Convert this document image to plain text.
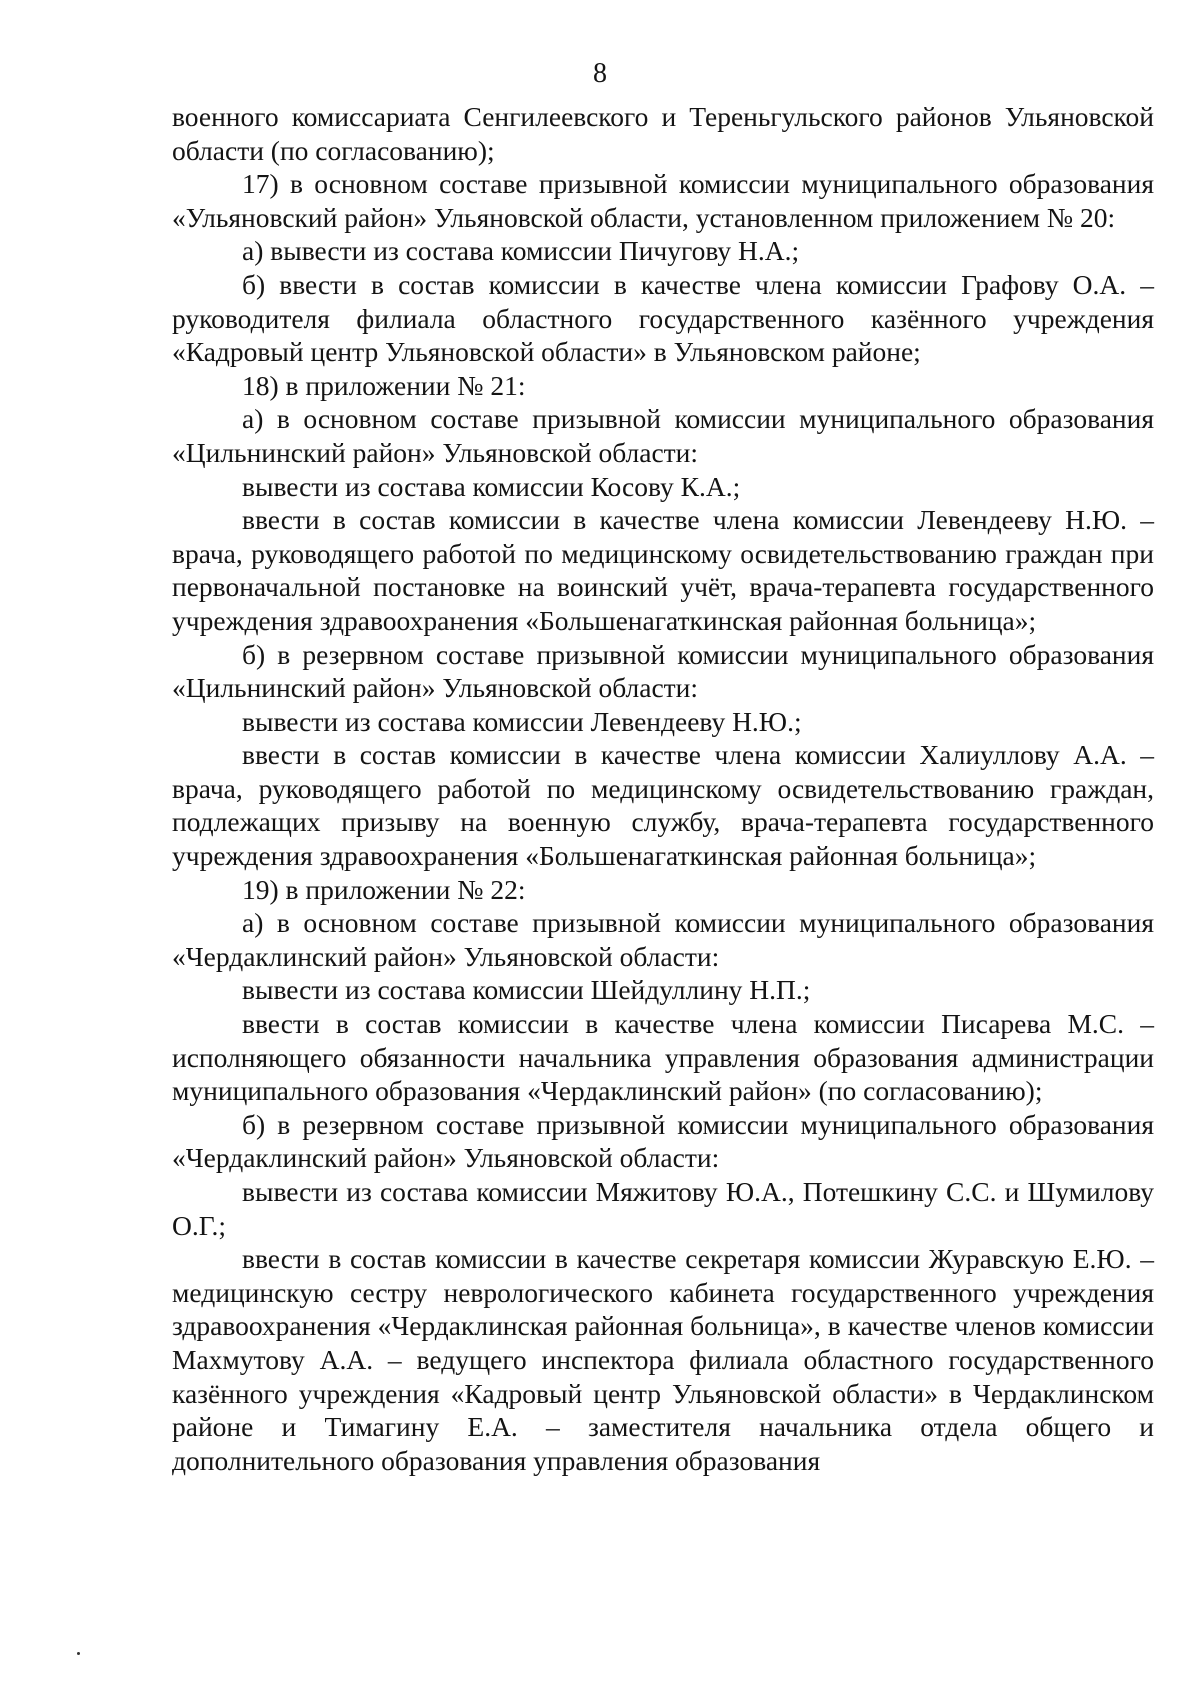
8

военного комиссариата Сенгилеевского и Тереньгульского районов Ульяновской области (по согласованию);

17) в основном составе призывной комиссии муниципального образования «Ульяновский район» Ульяновской области, установленном приложением № 20:

а) вывести из состава комиссии Пичугову Н.А.;

б) ввести в состав комиссии в качестве члена комиссии Графову О.А. – руководителя филиала областного государственного казённого учреждения «Кадровый центр Ульяновской области» в Ульяновском районе;

18) в приложении № 21:

а) в основном составе призывной комиссии муниципального образования «Цильнинский район» Ульяновской области:

вывести из состава комиссии Косову К.А.;

ввести в состав комиссии в качестве члена комиссии Левендееву Н.Ю. – врача, руководящего работой по медицинскому освидетельствованию граждан при первоначальной постановке на воинский учёт, врача-терапевта государственного учреждения здравоохранения «Большенагаткинская районная больница»;

б) в резервном составе призывной комиссии муниципального образования «Цильнинский район» Ульяновской области:

вывести из состава комиссии Левендееву Н.Ю.;

ввести в состав комиссии в качестве члена комиссии Халиуллову А.А. – врача, руководящего работой по медицинскому освидетельствованию граждан, подлежащих призыву на военную службу, врача-терапевта государственного учреждения здравоохранения «Большенагаткинская районная больница»;

19) в приложении № 22:

а) в основном составе призывной комиссии муниципального образования «Чердаклинский район» Ульяновской области:

вывести из состава комиссии Шейдуллину Н.П.;

ввести в состав комиссии в качестве члена комиссии Писарева М.С. – исполняющего обязанности начальника управления образования администрации муниципального образования «Чердаклинский район» (по согласованию);

б) в резервном составе призывной комиссии муниципального образования «Чердаклинский район» Ульяновской области:

вывести из состава комиссии Мяжитову Ю.А., Потешкину С.С. и Шумилову О.Г.;

ввести в состав комиссии в качестве секретаря комиссии Журавскую Е.Ю. – медицинскую сестру неврологического кабинета государственного учреждения здравоохранения «Чердаклинская районная больница», в качестве членов комиссии Махмутову А.А. – ведущего инспектора филиала областного государственного казённого учреждения «Кадровый центр Ульяновской области» в Чердаклинском районе и Тимагину Е.А. – заместителя начальника отдела общего и дополнительного образования управления образования
